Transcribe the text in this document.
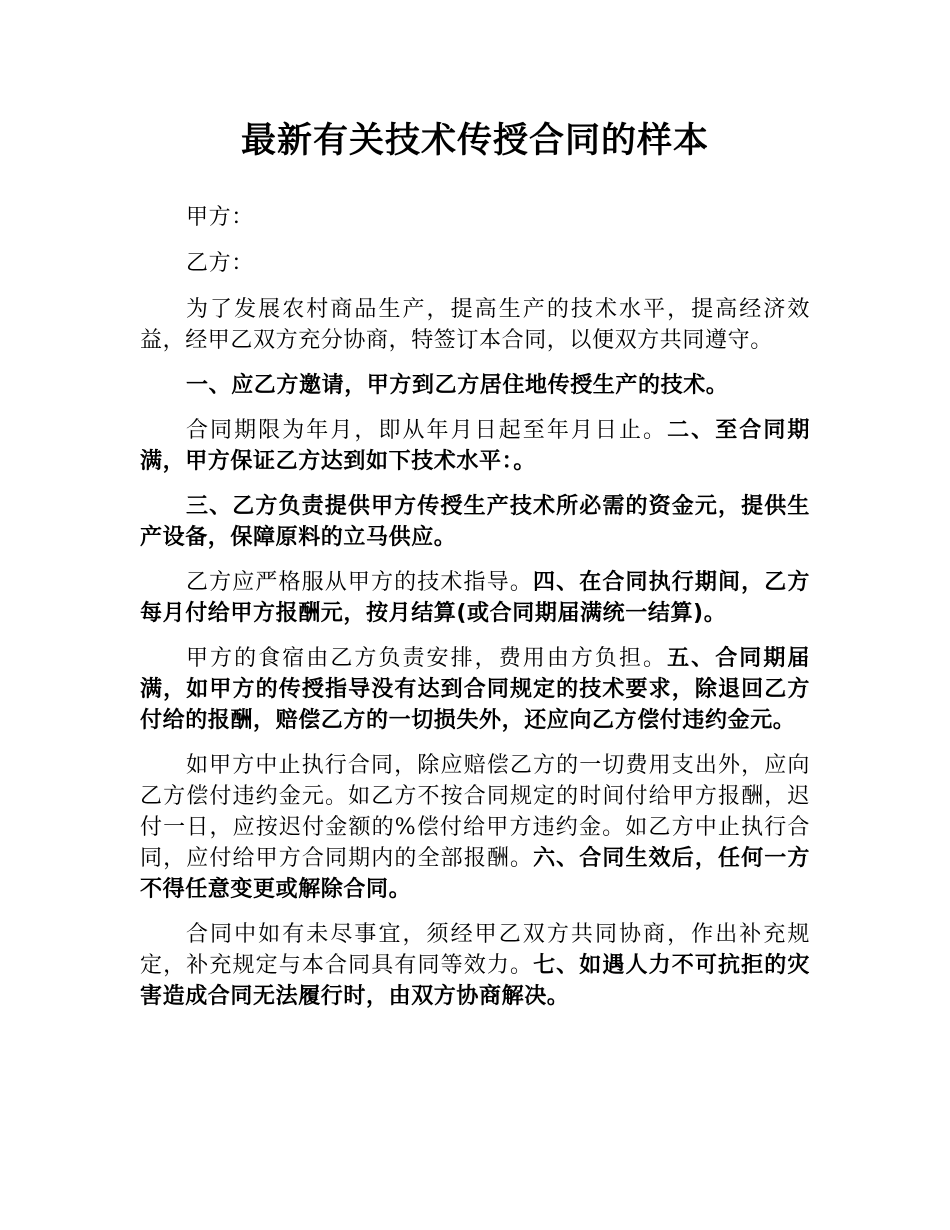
最新有关技术传授合同的样本

甲方：

乙方：

为了发展农村商品生产，提高生产的技术水平，提高经济效益，经甲乙双方充分协商，特签订本合同，以便双方共同遵守。

一、应乙方邀请，甲方到乙方居住地传授生产的技术。

合同期限为年月，即从年月日起至年月日止。二、至合同期满，甲方保证乙方达到如下技术水平：。

三、乙方负责提供甲方传授生产技术所必需的资金元，提供生产设备，保障原料的立马供应。

乙方应严格服从甲方的技术指导。四、在合同执行期间，乙方每月付给甲方报酬元，按月结算(或合同期届满统一结算)。

甲方的食宿由乙方负责安排，费用由方负担。五、合同期届满，如甲方的传授指导没有达到合同规定的技术要求，除退回乙方付给的报酬，赔偿乙方的一切损失外，还应向乙方偿付违约金元。

如甲方中止执行合同，除应赔偿乙方的一切费用支出外，应向乙方偿付违约金元。如乙方不按合同规定的时间付给甲方报酬，迟付一日，应按迟付金额的%偿付给甲方违约金。如乙方中止执行合同，应付给甲方合同期内的全部报酬。六、合同生效后，任何一方不得任意变更或解除合同。

合同中如有未尽事宜，须经甲乙双方共同协商，作出补充规定，补充规定与本合同具有同等效力。七、如遇人力不可抗拒的灾害造成合同无法履行时，由双方协商解决。
